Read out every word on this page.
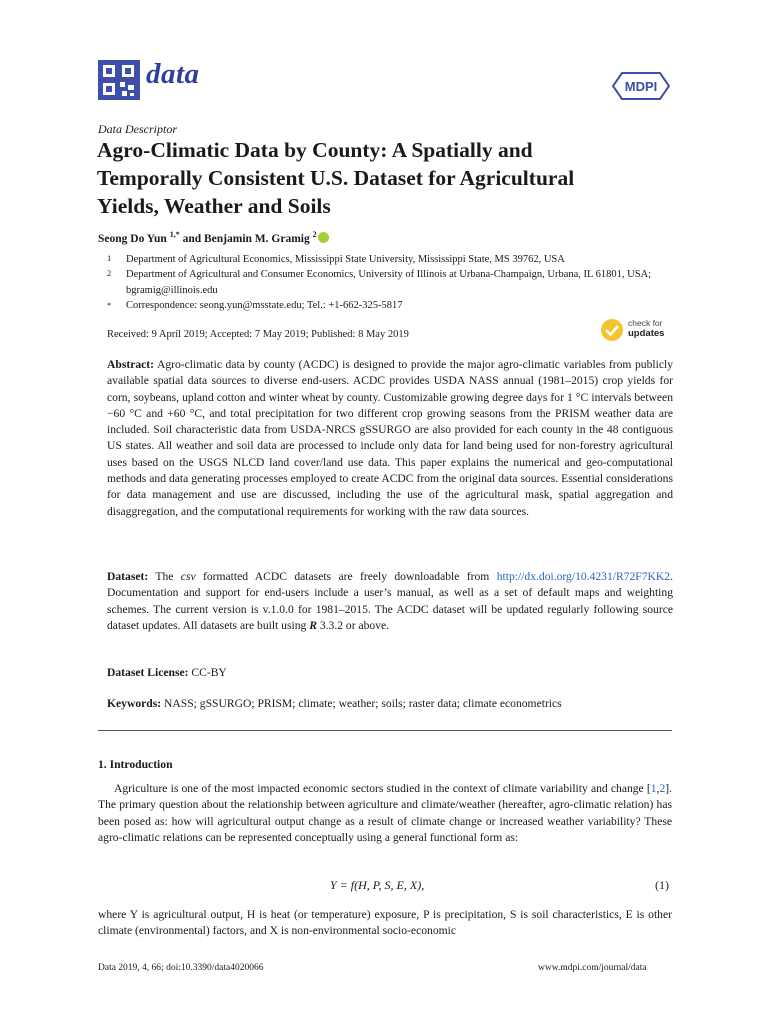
data	MDPI
Data Descriptor
Agro-Climatic Data by County: A Spatially and Temporally Consistent U.S. Dataset for Agricultural Yields, Weather and Soils
Seong Do Yun $^{1,*}$ and Benjamin M. Gramig $^2$
1 Department of Agricultural Economics, Mississippi State University, Mississippi State, MS 39762, USA
2 Department of Agricultural and Consumer Economics, University of Illinois at Urbana-Champaign, Urbana, IL 61801, USA; bgramig@illinois.edu
* Correspondence: seong.yun@msstate.edu; Tel.: +1-662-325-5817
Received: 9 April 2019; Accepted: 7 May 2019; Published: 8 May 2019
check for
updates
Abstract: Agro-climatic data by county (ACDC) is designed to provide the major agro-climatic variables from publicly available spatial data sources to diverse end-users. ACDC provides USDA NASS annual (1981–2015) crop yields for corn, soybeans, upland cotton and winter wheat by county. Customizable growing degree days for 1 °C intervals between −60 °C and +60 °C, and total precipitation for two different crop growing seasons from the PRISM weather data are included. Soil characteristic data from USDA-NRCS gSSURGO are also provided for each county in the 48 contiguous US states. All weather and soil data are processed to include only data for land being used for non-forestry agricultural uses based on the USGS NLCD land cover/land use data. This paper explains the numerical and geo-computational methods and data generating processes employed to create ACDC from the original data sources. Essential considerations for data management and use are discussed, including the use of the agricultural mask, spatial aggregation and disaggregation, and the computational requirements for working with the raw data sources.
Dataset: The csv formatted ACDC datasets are freely downloadable from http://dx.doi.org/10.4231/R72F7KK2. Documentation and support for end-users include a user’s manual, as well as a set of default maps and weighting schemes. The current version is v.1.0.0 for 1981–2015. The ACDC dataset will be updated regularly following source dataset updates. All datasets are built using R 3.3.2 or above.
Dataset License: CC-BY
Keywords: NASS; gSSURGO; PRISM; climate; weather; soils; raster data; climate econometrics
1. Introduction
Agriculture is one of the most impacted economic sectors studied in the context of climate variability and change [1,2]. The primary question about the relationship between agriculture and climate/weather (hereafter, agro-climatic relation) has been posed as: how will agricultural output change as a result of climate change or increased weather variability? These agro-climatic relations can be represented conceptually using a general functional form as:
Y = f(H, P, S, E, X),	(1)
where Y is agricultural output, H is heat (or temperature) exposure, P is precipitation, S is soil characteristics, E is other climate (environmental) factors, and X is non-environmental socio-economic
Data 2019, 4, 66; doi:10.3390/data4020066	www.mdpi.com/journal/data
